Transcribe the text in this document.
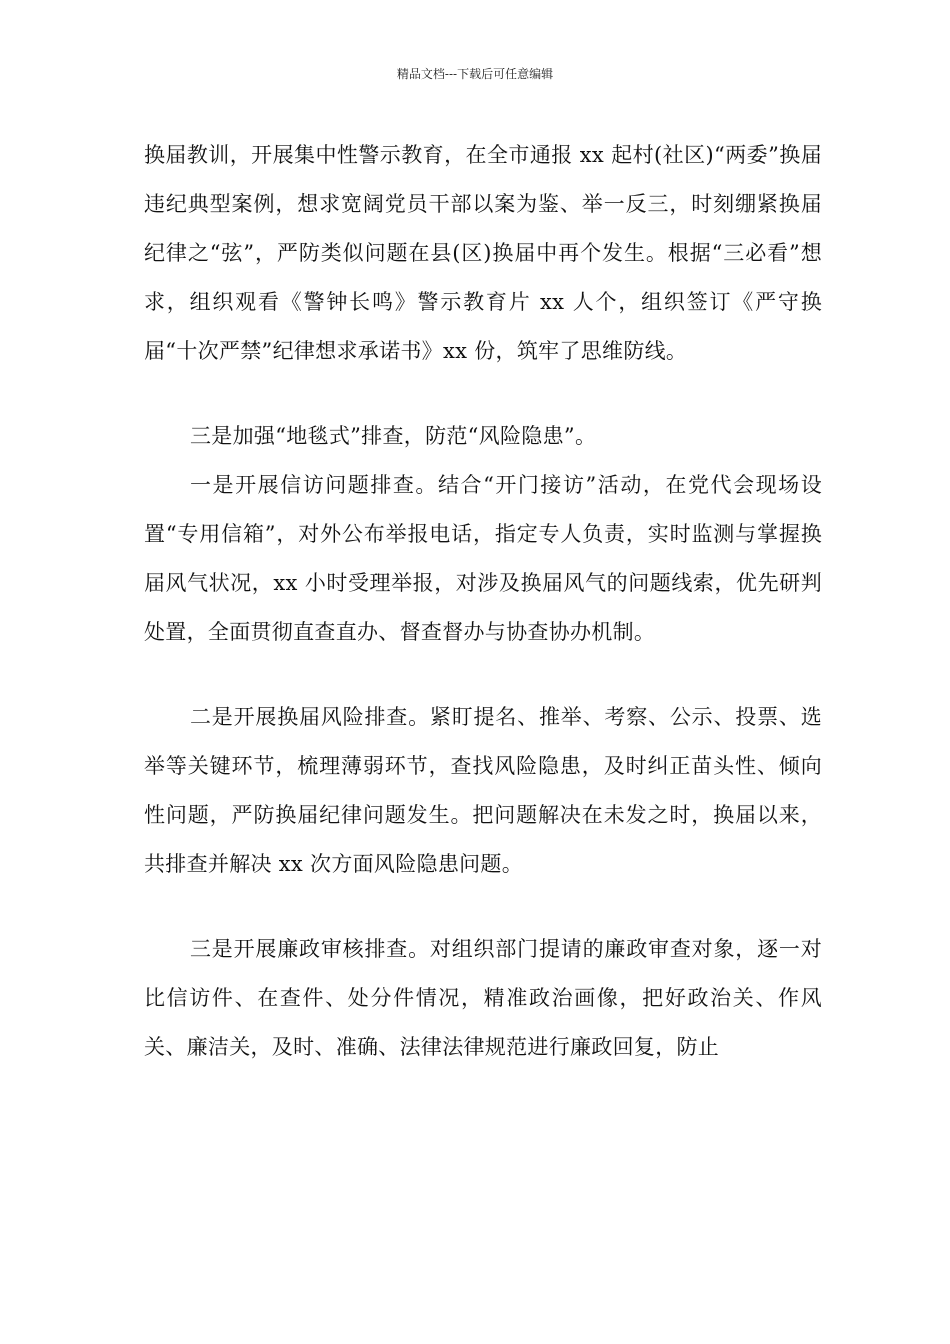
精品文档---下载后可任意编辑

换届教训，开展集中性警示教育，在全市通报 xx 起村(社区)“两委”换届违纪典型案例，想求宽阔党员干部以案为鉴、举一反三，时刻绷紧换届纪律之“弦”，严防类似问题在县(区)换届中再个发生。根据“三必看”想求，组织观看《警钟长鸣》警示教育片 xx 人个，组织签订《严守换届“十次严禁”纪律想求承诺书》xx 份，筑牢了思维防线。

三是加强“地毯式”排查，防范“风险隐患”。

一是开展信访问题排查。结合“开门接访”活动，在党代会现场设置“专用信箱”，对外公布举报电话，指定专人负责，实时监测与掌握换届风气状况，xx 小时受理举报，对涉及换届风气的问题线索，优先研判处置，全面贯彻直查直办、督查督办与协查协办机制。

二是开展换届风险排查。紧盯提名、推举、考察、公示、投票、选举等关键环节，梳理薄弱环节，查找风险隐患，及时纠正苗头性、倾向性问题，严防换届纪律问题发生。把问题解决在未发之时，换届以来，共排查并解决 xx 次方面风险隐患问题。

三是开展廉政审核排查。对组织部门提请的廉政审查对象，逐一对比信访件、在查件、处分件情况，精准政治画像，把好政治关、作风关、廉洁关，及时、准确、法律法律规范进行廉政回复，防止
